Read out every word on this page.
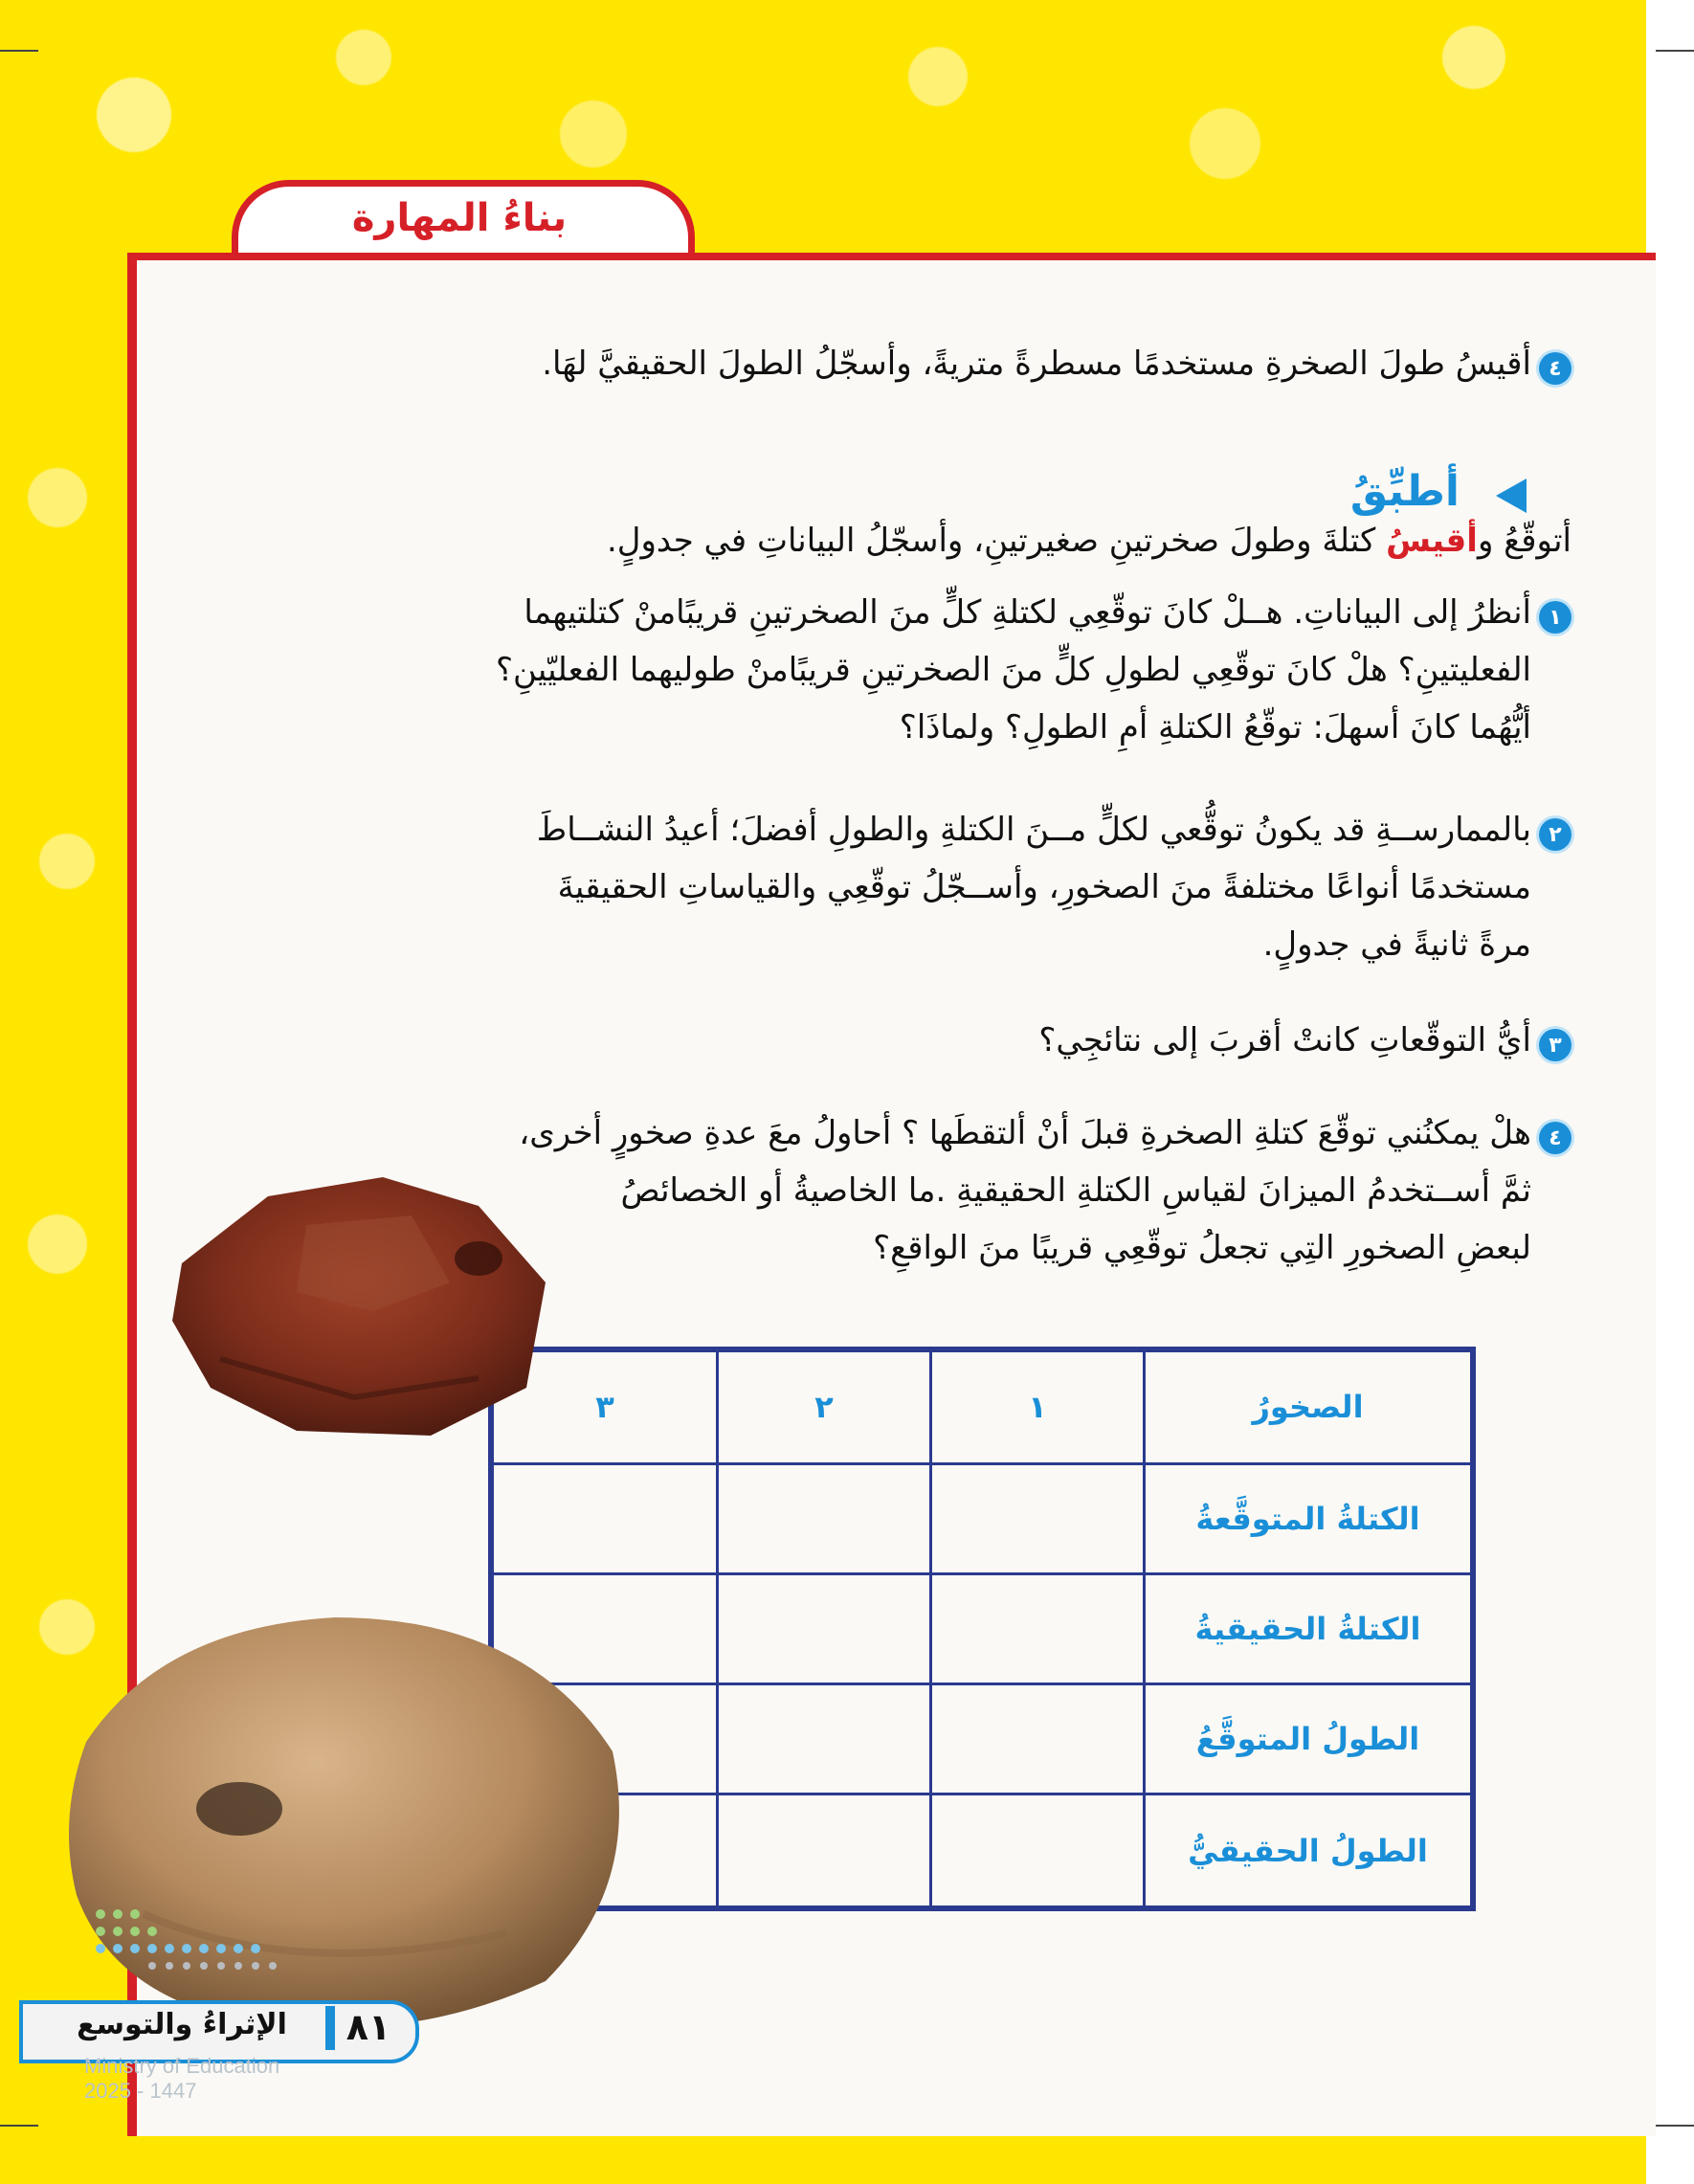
بناءُ المهارة
٤
أقيسُ طولَ الصخرةِ مستخدمًا مسطرةً متريةً، وأسجّلُ الطولَ الحقيقيَّ لهَا.
أطبِّقُ
أتوقّعُ وأقيسُ كتلةَ وطولَ صخرتينِ صغيرتينِ، وأسجّلُ البياناتِ في جدولٍ.
١
أنظرُ إلى البياناتِ. هــلْ كانَ توقّعِي لكتلةِ كلٍّ منَ الصخرتينِ قريبًامنْ كتلتيهما
الفعليتينِ؟ هلْ كانَ توقّعِي لطولِ كلٍّ منَ الصخرتينِ قريبًامنْ طوليهما الفعليّينِ؟
أيُّهُما كانَ أسهلَ: توقّعُ الكتلةِ أمِ الطولِ؟ ولماذَا؟
٢
بالممارســةِ قد يكونُ توقُّعي لكلٍّ مــنَ الكتلةِ والطولِ أفضلَ؛ أعيدُ النشــاطَ
مستخدمًا أنواعًا مختلفةً منَ الصخورِ، وأســجّلُ توقّعِي والقياساتِ الحقيقيةَ
مرةً ثانيةً في جدولٍ.
٣
أيُّ التوقّعاتِ كانتْ أقربَ إلى نتائجِي؟
٤
هلْ يمكنُني توقّعَ كتلةِ الصخرةِ قبلَ أنْ ألتقطَها ؟ أحاولُ معَ عدةِ صخورٍ أخرى،
ثمَّ أســتخدمُ الميزانَ لقياسِ الكتلةِ الحقيقيةِ .ما الخاصيةُ أو الخصائصُ
لبعضِ الصخورِ التِي تجعلُ توقّعِي قريبًا منَ الواقعِ؟
الصخورُ	١	٢	٣
الكتلةُ المتوقَّعةُ			
الكتلةُ الحقيقيةُ			
الطولُ المتوقَّعُ			
الطولُ الحقيقيُّ			
٨١
الإثراءُ والتوسع
Ministry of Education
2025 - 1447
